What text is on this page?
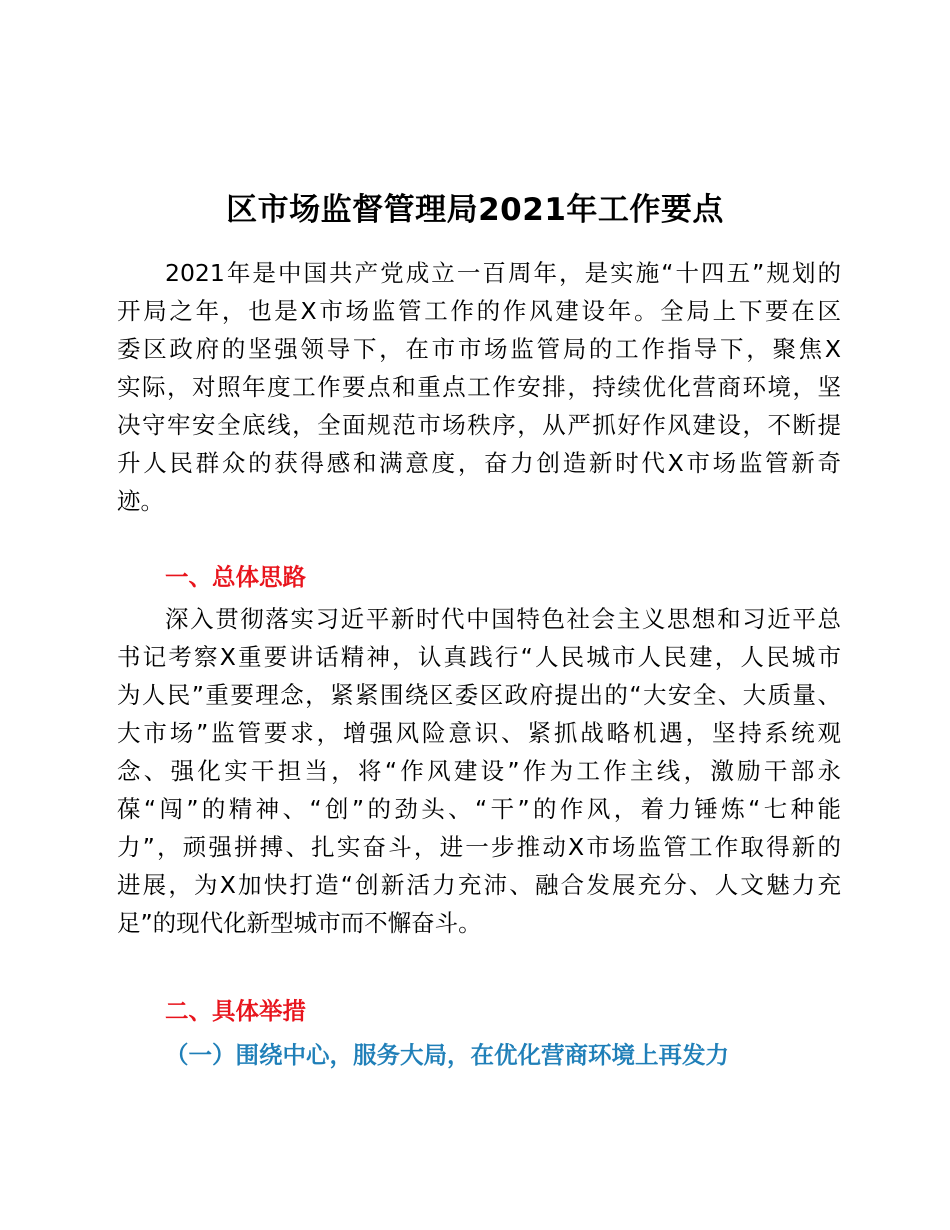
区市场监督管理局2021年工作要点
2021年是中国共产党成立一百周年，是实施“十四五”规划的
开局之年，也是X市场监管工作的作风建设年。全局上下要在区
委区政府的坚强领导下，在市市场监管局的工作指导下，聚焦X
实际，对照年度工作要点和重点工作安排，持续优化营商环境，坚
决守牢安全底线，全面规范市场秩序，从严抓好作风建设，不断提
升人民群众的获得感和满意度，奋力创造新时代X市场监管新奇
迹。
一、总体思路
深入贯彻落实习近平新时代中国特色社会主义思想和习近平总
书记考察X重要讲话精神，认真践行“人民城市人民建，人民城市
为人民”重要理念，紧紧围绕区委区政府提出的“大安全、大质量、
大市场”监管要求，增强风险意识、紧抓战略机遇，坚持系统观
念、强化实干担当，将“作风建设”作为工作主线，激励干部永
葆“闯”的精神、“创”的劲头、“干”的作风，着力锤炼“七种能
力”，顽强拼搏、扎实奋斗，进一步推动X市场监管工作取得新的
进展，为X加快打造“创新活力充沛、融合发展充分、人文魅力充
足”的现代化新型城市而不懈奋斗。
二、具体举措
（一）围绕中心，服务大局，在优化营商环境上再发力
